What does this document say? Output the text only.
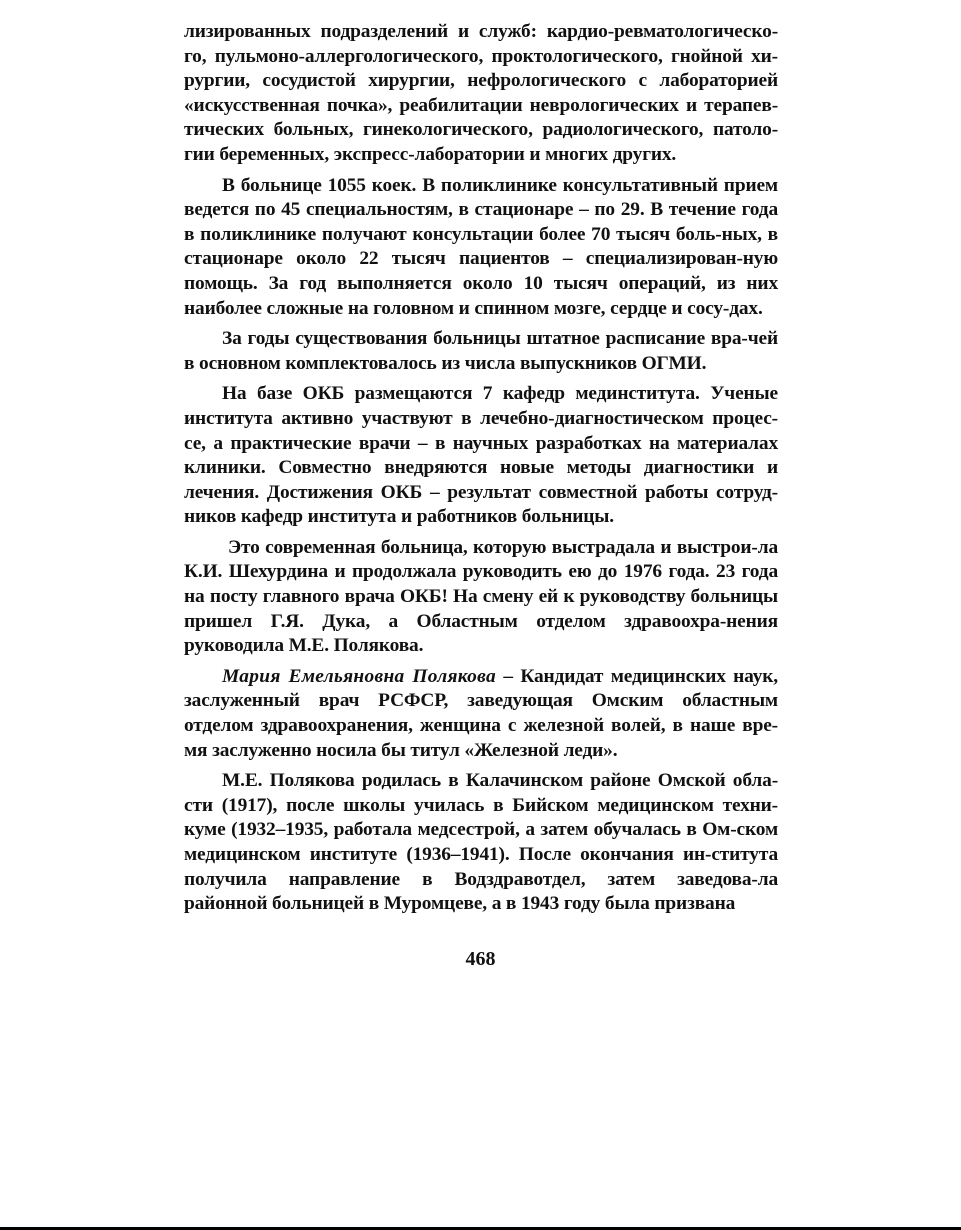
лизированных подразделений и служб: кардио-ревматологическо-го, пульмоно-аллергологического, проктологического, гнойной хи-рургии, сосудистой хирургии, нефрологического с лабораторией «искусственная почка», реабилитации неврологических и терапев-тических больных, гинекологического, радиологического, патоло-гии беременных, экспресс-лаборатории и многих других.

В больнице 1055 коек. В поликлинике консультативный прием ведется по 45 специальностям, в стационаре – по 29. В течение года в поликлинике получают консультации более 70 тысяч боль-ных, в стационаре около 22 тысяч пациентов – специализирован-ную помощь. За год выполняется около 10 тысяч операций, из них наиболее сложные на головном и спинном мозге, сердце и сосу-дах.

За годы существования больницы штатное расписание вра-чей в основном комплектовалось из числа выпускников ОГМИ.

На базе ОКБ размещаются 7 кафедр мединститута. Ученые института активно участвуют в лечебно-диагностическом процес-се, а практические врачи – в научных разработках на материалах клиники. Совместно внедряются новые методы диагностики и лечения. Достижения ОКБ – результат совместной работы сотруд-ников кафедр института и работников больницы.

Это современная больница, которую выстрадала и выстрои-ла К.И. Шехурдина и продолжала руководить ею до 1976 года. 23 года на посту главного врача ОКБ! На смену ей к руководству больницы пришел Г.Я. Дука, а Областным отделом здравоохра-нения руководила М.Е. Полякова.

Мария Емельяновна Полякова – Кандидат медицинских наук, заслуженный врач РСФСР, заведующая Омским областным отделом здравоохранения, женщина с железной волей, в наше вре-мя заслуженно носила бы титул «Железной леди».

М.Е. Полякова родилась в Калачинском районе Омской обла-сти (1917), после школы училась в Бийском медицинском техни-куме (1932–1935, работала медсестрой, а затем обучалась в Ом-ском медицинском институте (1936–1941). После окончания ин-ститута получила направление в Водздравотдел, затем заведова-ла районной больницей в Муромцеве, а в 1943 году была призвана

468
